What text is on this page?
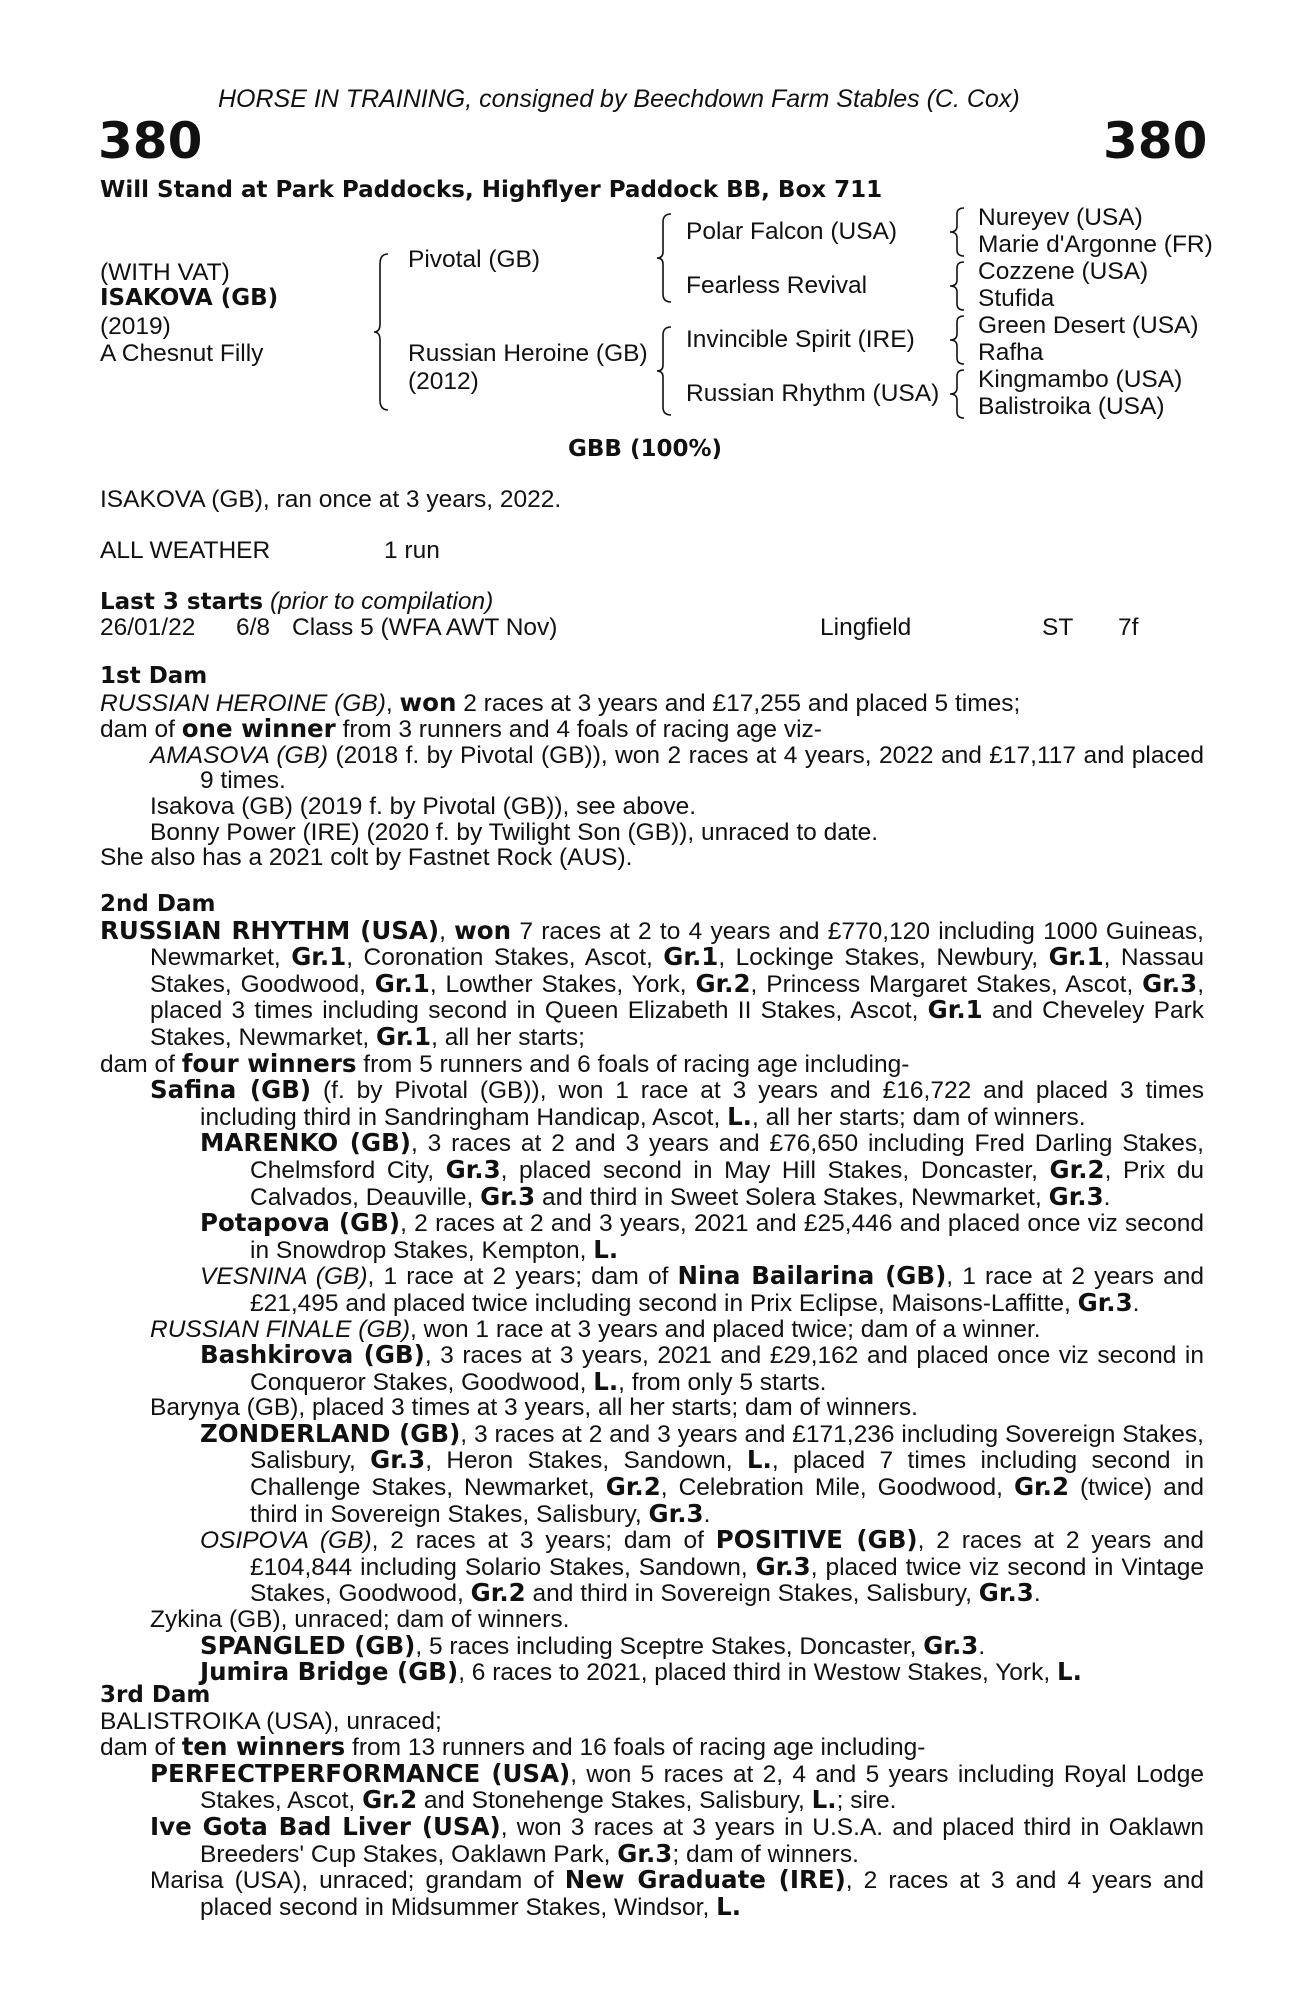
HORSE IN TRAINING, consigned by Beechdown Farm Stables (C. Cox)
380	380
Will Stand at Park Paddocks, Highflyer Paddock BB, Box 711
(WITH VAT)
ISAKOVA (GB)
(2019)
A Chesnut Filly
Pivotal (GB)
Russian Heroine (GB)
(2012)
Polar Falcon (USA)
Fearless Revival
Invincible Spirit (IRE)
Russian Rhythm (USA)
Nureyev (USA)
Marie d'Argonne (FR)
Cozzene (USA)
Stufida
Green Desert (USA)
Rafha
Kingmambo (USA)
Balistroika (USA)
GBB (100%)
ISAKOVA (GB), ran once at 3 years, 2022.
ALL WEATHER	1 run
Last 3 starts (prior to compilation)
26/01/22 6/8 Class 5 (WFA AWT Nov)	Lingfield	ST 7f

1st Dam

RUSSIAN HEROINE (GB), won 2 races at 3 years and £17,255 and placed 5 times;

dam of one winner from 3 runners and 4 foals of racing age viz-

AMASOVA (GB) (2018 f. by Pivotal (GB)), won 2 races at 4 years, 2022 and £17,117 and placed 9 times.

Isakova (GB) (2019 f. by Pivotal (GB)), see above.

Bonny Power (IRE) (2020 f. by Twilight Son (GB)), unraced to date.

She also has a 2021 colt by Fastnet Rock (AUS).

2nd Dam

RUSSIAN RHYTHM (USA), won 7 races at 2 to 4 years and £770,120 including 1000 Guineas, Newmarket, Gr.1, Coronation Stakes, Ascot, Gr.1, Lockinge Stakes, Newbury, Gr.1, Nassau Stakes, Goodwood, Gr.1, Lowther Stakes, York, Gr.2, Princess Margaret Stakes, Ascot, Gr.3, placed 3 times including second in Queen Elizabeth II Stakes, Ascot, Gr.1 and Cheveley Park Stakes, Newmarket, Gr.1, all her starts;

dam of four winners from 5 runners and 6 foals of racing age including-

Safina (GB) (f. by Pivotal (GB)), won 1 race at 3 years and £16,722 and placed 3 times including third in Sandringham Handicap, Ascot, L., all her starts; dam of winners.

MARENKO (GB), 3 races at 2 and 3 years and £76,650 including Fred Darling Stakes, Chelmsford City, Gr.3, placed second in May Hill Stakes, Doncaster, Gr.2, Prix du Calvados, Deauville, Gr.3 and third in Sweet Solera Stakes, Newmarket, Gr.3.

Potapova (GB), 2 races at 2 and 3 years, 2021 and £25,446 and placed once viz second in Snowdrop Stakes, Kempton, L.

VESNINA (GB), 1 race at 2 years; dam of Nina Bailarina (GB), 1 race at 2 years and £21,495 and placed twice including second in Prix Eclipse, Maisons-Laffitte, Gr.3.

RUSSIAN FINALE (GB), won 1 race at 3 years and placed twice; dam of a winner.

Bashkirova (GB), 3 races at 3 years, 2021 and £29,162 and placed once viz second in Conqueror Stakes, Goodwood, L., from only 5 starts.

Barynya (GB), placed 3 times at 3 years, all her starts; dam of winners.

ZONDERLAND (GB), 3 races at 2 and 3 years and £171,236 including Sovereign Stakes, Salisbury, Gr.3, Heron Stakes, Sandown, L., placed 7 times including second in Challenge Stakes, Newmarket, Gr.2, Celebration Mile, Goodwood, Gr.2 (twice) and third in Sovereign Stakes, Salisbury, Gr.3.

OSIPOVA (GB), 2 races at 3 years; dam of POSITIVE (GB), 2 races at 2 years and £104,844 including Solario Stakes, Sandown, Gr.3, placed twice viz second in Vintage Stakes, Goodwood, Gr.2 and third in Sovereign Stakes, Salisbury, Gr.3.

Zykina (GB), unraced; dam of winners.

SPANGLED (GB), 5 races including Sceptre Stakes, Doncaster, Gr.3.

Jumira Bridge (GB), 6 races to 2021, placed third in Westow Stakes, York, L.

3rd Dam

BALISTROIKA (USA), unraced;

dam of ten winners from 13 runners and 16 foals of racing age including-

PERFECTPERFORMANCE (USA), won 5 races at 2, 4 and 5 years including Royal Lodge Stakes, Ascot, Gr.2 and Stonehenge Stakes, Salisbury, L.; sire.

Ive Gota Bad Liver (USA), won 3 races at 3 years in U.S.A. and placed third in Oaklawn Breeders' Cup Stakes, Oaklawn Park, Gr.3; dam of winners.

Marisa (USA), unraced; grandam of New Graduate (IRE), 2 races at 3 and 4 years and placed second in Midsummer Stakes, Windsor, L.
